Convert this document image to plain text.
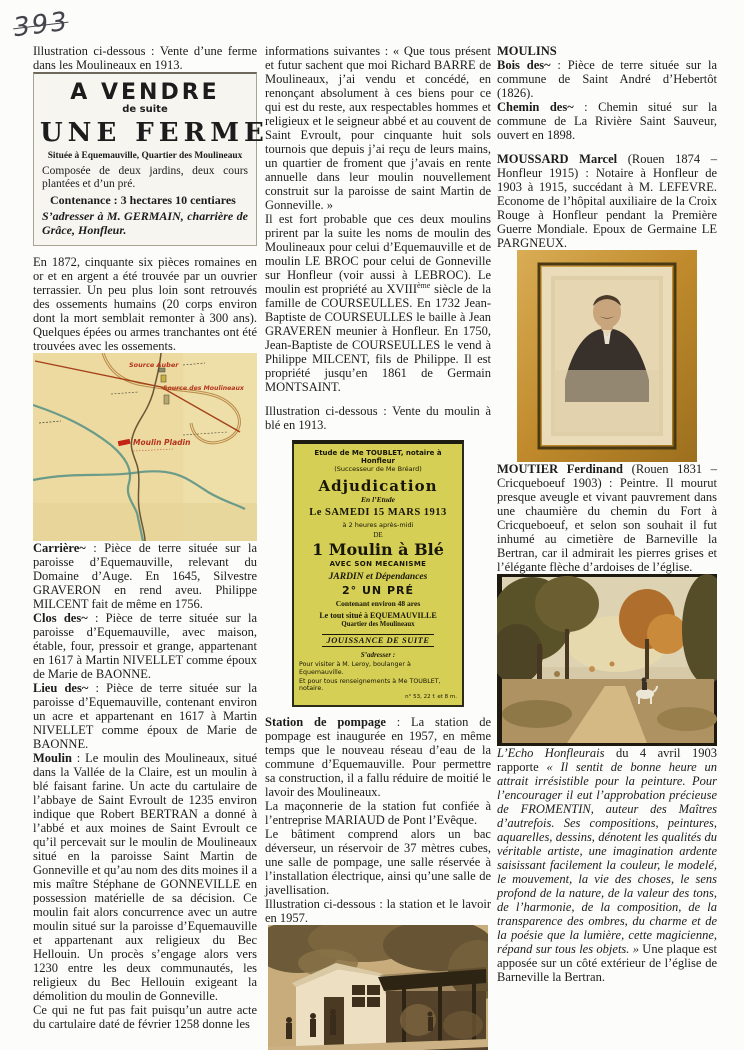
393

Illustration ci-dessous : Vente d’une ferme dans les Moulineaux en 1913.

A VENDRE
de suite
UNE FERME
Située à Equemauville, Quartier des Moulineaux
Composée de deux jardins, deux cours plantées et d’un pré.
Contenance : 3 hectares 10 centiares
S’adresser à M. GERMAIN, charrière de Grâce, Honfleur.

En 1872, cinquante six pièces romaines en or et en argent a été trouvée par un ouvrier terrassier. Un peu plus loin sont retrouvés des ossements humains (20 corps environ dont la mort semblait remonter à 300 ans). Quelques épées ou armes tranchantes ont été trouvées avec les ossements.

Source Auber
Source des Moulineaux
Moulin Pladin

Carrière~ : Pièce de terre située sur la paroisse d’Equemauville, relevant du Domaine d’Auge. En 1645, Silvestre GRAVERON en rend aveu. Philippe MILCENT fait de même en 1756.

Clos des~ : Pièce de terre située sur la paroisse d’Equemauville, avec maison, étable, four, pressoir et grange, appartenant en 1617 à Martin NIVELLET comme époux de Marie de BAONNE.

Lieu des~ : Pièce de terre située sur la paroisse d’Equemauville, contenant environ un acre et appartenant en 1617 à Martin NIVELLET comme époux de Marie de BAONNE.

Moulin : Le moulin des Moulineaux, situé dans la Vallée de la Claire, est un moulin à blé faisant farine. Un acte du cartulaire de l’abbaye de Saint Evroult de 1235 environ indique que Robert BERTRAN a donné à l’abbé et aux moines de Saint Evroult ce qu’il percevait sur le moulin de Moulineaux situé en la paroisse Saint Martin de Gonneville et qu’au nom des dits moines il a mis maître Stéphane de GONNEVILLE en possession matérielle de sa décision. Ce moulin fait alors concurrence avec un autre moulin situé sur la paroisse d’Equemauville et appartenant aux religieux du Bec Hellouin. Un procès s’engage alors vers 1230 entre les deux communautés, les religieux du Bec Hellouin exigeant la démolition du moulin de Gonneville.

Ce qui ne fut pas fait puisqu’un autre acte du cartulaire daté de février 1258 donne les

informations suivantes : « Que tous présent et futur sachent que moi Richard BARRE de Moulineaux, j’ai vendu et concédé, en renonçant absolument à ces biens pour ce qui est du reste, aux respectables hommes et religieux et le seigneur abbé et au couvent de Saint Evroult, pour cinquante huit sols tournois que depuis j’ai reçu de leurs mains, un quartier de froment que j’avais en rente annuelle dans leur moulin nouvellement construit sur la paroisse de saint Martin de Gonneville. »

Il est fort probable que ces deux moulins prirent par la suite les noms de moulin des Moulineaux pour celui d’Equemauville et de moulin LE BROC pour celui de Gonneville sur Honfleur (voir aussi à LEBROC). Le moulin est propriété au XVIIIème siècle de la famille de COURSEULLES. En 1732 Jean-Baptiste de COURSEULLES le baille à Jean GRAVEREN meunier à Honfleur. En 1750, Jean-Baptiste de COURSEULLES le vend à Philippe MILCENT, fils de Philippe. Il est propriété jusqu’en 1861 de Germain MONTSAINT.

Illustration ci-dessous : Vente du moulin à blé en 1913.

Etude de Me TOUBLET, notaire à Honfleur
(Successeur de Me Bréard)
Adjudication
En l’Etude
Le SAMEDI 15 MARS 1913
à 2 heures après-midi
DE
1 Moulin à Blé
AVEC SON MECANISME
JARDIN et Dépendances
2° UN PRÉ
Contenant environ 48 ares
Le tout situé à EQUEMAUVILLE
Quartier des Moulineaux
JOUISSANCE DE SUITE
S’adresser :
Pour visiter à M. Leroy, boulanger à Equemauville.
Et pour tous renseignements à Me TOUBLET, notaire.
n° 53, 22 f. et 8 m.

Station de pompage : La station de pompage est inaugurée en 1957, en même temps que le nouveau réseau d’eau de la commune d’Equemauville. Pour permettre sa construction, il a fallu réduire de moitié le lavoir des Moulineaux.

La maçonnerie de la station fut confiée à l’entreprise MARIAUD de Pont l’Evêque.

Le bâtiment comprend alors un bac déverseur, un réservoir de 37 mètres cubes, une salle de pompage, une salle réservée à l’installation électrique, ainsi qu’une salle de javellisation.

Illustration ci-dessous : la station et le lavoir en 1957.

MOULINS

Bois des~ : Pièce de terre située sur la commune de Saint André d’Hebertôt (1826).

Chemin des~ : Chemin situé sur la commune de La Rivière Saint Sauveur, ouvert en 1898.

MOUSSARD Marcel (Rouen 1874 – Honfleur 1915) : Notaire à Honfleur de 1903 à 1915, succédant à M. LEFEVRE. Econome de l’hôpital auxiliaire de la Croix Rouge à Honfleur pendant la Première Guerre Mondiale. Epoux de Germaine LE PARGNEUX.

MOUTIER Ferdinand (Rouen 1831 – Cricqueboeuf 1903) : Peintre. Il mourut presque aveugle et vivant pauvrement dans une chaumière du chemin du Fort à Cricqueboeuf, et selon son souhait il fut inhumé au cimetière de Barneville la Bertran, car il admirait les pierres grises et l’élégante flèche d’ardoises de l’église.

L’Echo Honfleurais du 4 avril 1903 rapporte « Il sentit de bonne heure un attrait irrésistible pour la peinture. Pour l’encourager il eut l’approbation précieuse de FROMENTIN, auteur des Maîtres d’autrefois. Ses compositions, peintures, aquarelles, dessins, dénotent les qualités du véritable artiste, une imagination ardente saisissant facilement la couleur, le modelé, le mouvement, la vie des choses, le sens profond de la nature, de la valeur des tons, de l’harmonie, de la composition, de la transparence des ombres, du charme et de la poésie que la lumière, cette magicienne, répand sur tous les objets. » Une plaque est apposée sur un côté extérieur de l’église de Barneville la Bertran.
